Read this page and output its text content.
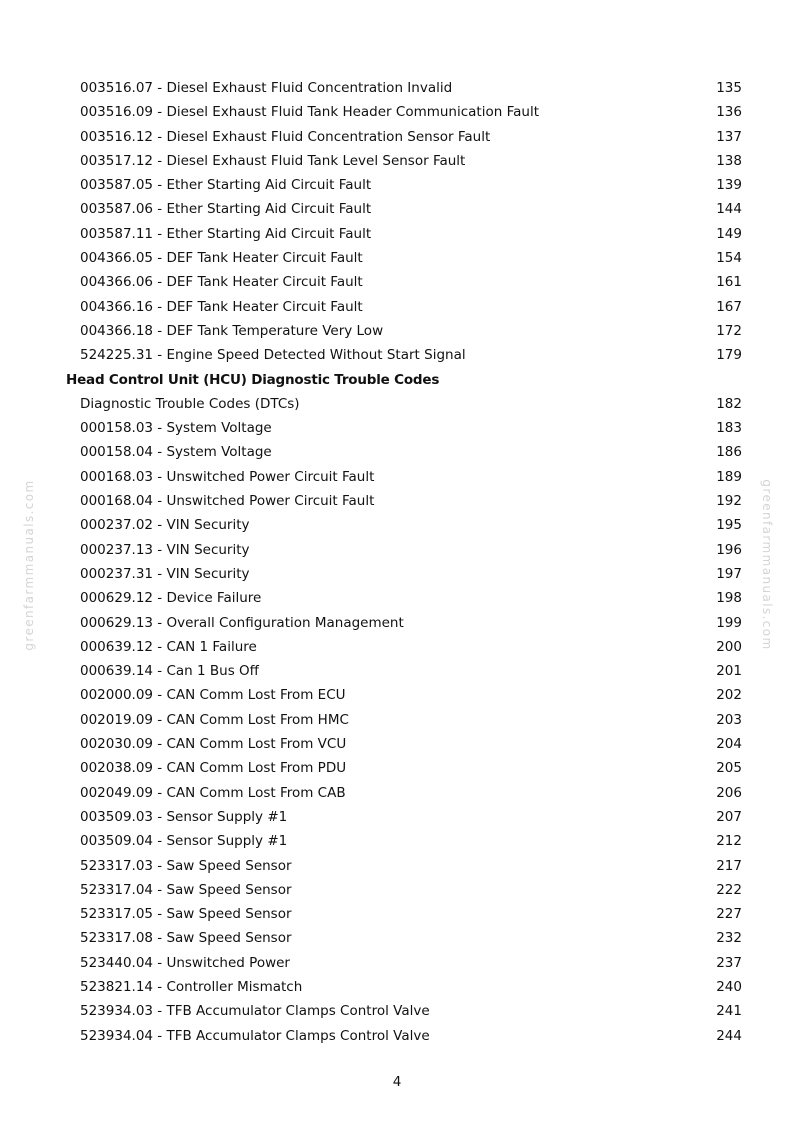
greenfarmmanuals.com	greenfarmmanuals.com
003516.07 - Diesel Exhaust Fluid Concentration Invalid	135
003516.09 - Diesel Exhaust Fluid Tank Header Communication Fault	136
003516.12 - Diesel Exhaust Fluid Concentration Sensor Fault	137
003517.12 - Diesel Exhaust Fluid Tank Level Sensor Fault	138
003587.05 - Ether Starting Aid Circuit Fault	139
003587.06 - Ether Starting Aid Circuit Fault	144
003587.11 - Ether Starting Aid Circuit Fault	149
004366.05 - DEF Tank Heater Circuit Fault	154
004366.06 - DEF Tank Heater Circuit Fault	161
004366.16 - DEF Tank Heater Circuit Fault	167
004366.18 - DEF Tank Temperature Very Low	172
524225.31 - Engine Speed Detected Without Start Signal	179
Head Control Unit (HCU) Diagnostic Trouble Codes
Diagnostic Trouble Codes (DTCs)	182
000158.03 - System Voltage	183
000158.04 - System Voltage	186
000168.03 - Unswitched Power Circuit Fault	189
000168.04 - Unswitched Power Circuit Fault	192
000237.02 - VIN Security	195
000237.13 - VIN Security	196
000237.31 - VIN Security	197
000629.12 - Device Failure	198
000629.13 - Overall Configuration Management	199
000639.12 - CAN 1 Failure	200
000639.14 - Can 1 Bus Off	201
002000.09 - CAN Comm Lost From ECU	202
002019.09 - CAN Comm Lost From HMC	203
002030.09 - CAN Comm Lost From VCU	204
002038.09 - CAN Comm Lost From PDU	205
002049.09 - CAN Comm Lost From CAB	206
003509.03 - Sensor Supply #1	207
003509.04 - Sensor Supply #1	212
523317.03 - Saw Speed Sensor	217
523317.04 - Saw Speed Sensor	222
523317.05 - Saw Speed Sensor	227
523317.08 - Saw Speed Sensor	232
523440.04 - Unswitched Power	237
523821.14 - Controller Mismatch	240
523934.03 - TFB Accumulator Clamps Control Valve	241
523934.04 - TFB Accumulator Clamps Control Valve	244
4
